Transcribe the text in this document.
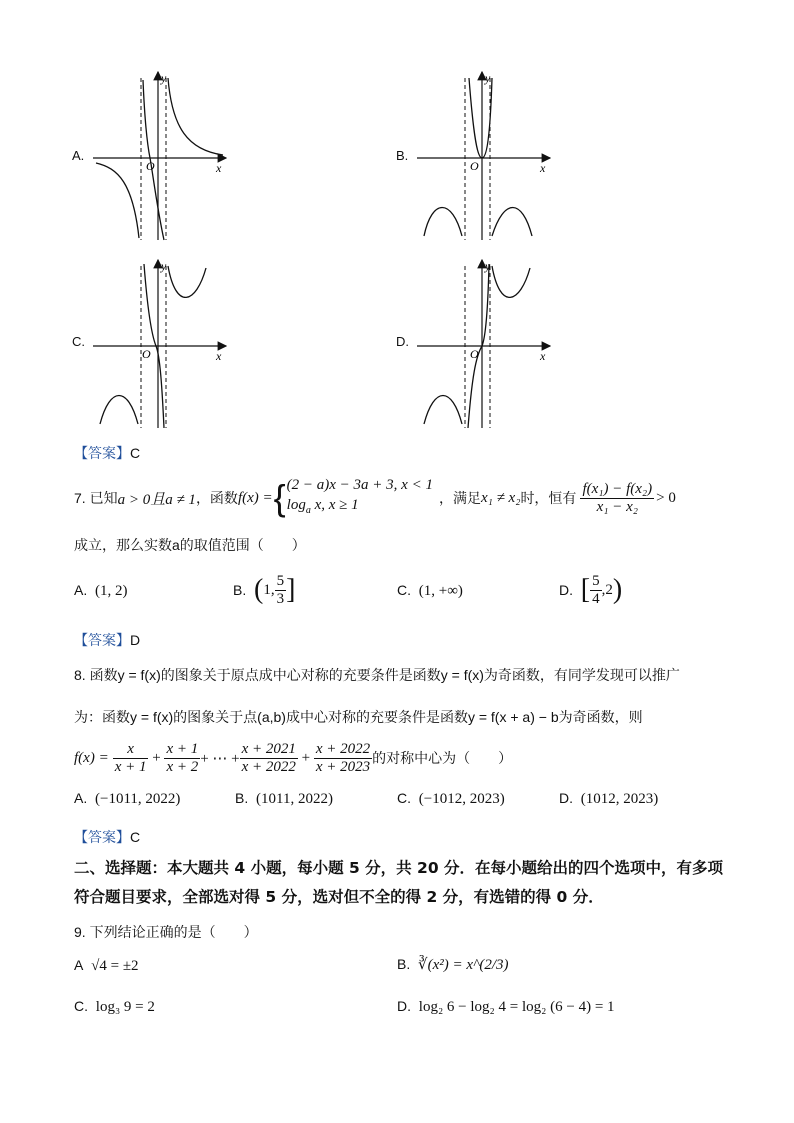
A.
y
x
O
B.
y
x
O
C.
y
x
O
D.
y
x
O
【答案】C
7.
已知 a > 0且a ≠ 1 ，函数 f(x) = { (2 − a)x − 3a + 3, x < 1
$\log_a x$, x ≥ 1	，满足 x₁ ≠ x₂ 时，恒有 $\frac{\text{f(x₁) − f(x₂)}}{\text{x₁ − x₂}} > 0$
成立，那么实数a的取值范围（　　）
A. (1, 2)	B.
( 1, $\frac{5}{3}$ ]	C. (1, +∞)	D.
[ $\frac{5}{4} ,2$ )
【答案】D
8. 函数y = f(x)的图象关于原点成中心对称的充要条件是函数y = f(x)为奇函数，有同学发现可以推广
为：函数y = f(x)的图象关于点(a,b)成中心对称的充要条件是函数y = f(x + a) − b为奇函数，则
f(x) =
$\frac{x}{x + 1} + \frac{x + 1}{x + 2}$ + ⋯ + $\frac{x + 2021}{x + 2022} + \frac{x + 2022}{x + 2023}$ 的对称中心为（　　）
A. (−1011, 2022)	B. (1011, 2022)	C. (−1012, 2023)	D. (1012, 2023)
【答案】C
二、选择题：本大题共 4 小题，每小题 5 分，共 20 分．在每小题给出的四个选项中，有多项
符合题目要求，全部选对得 5 分，选对但不全的得 2 分，有选错的得 0 分．
9. 下列结论正确的是（　　）
A √4 = ±2	B. ∛(x²) = x^(2/3)
C. log₃ 9 = 2	D. log₂ 6 − log₂ 4 = log₂ (6 − 4) = 1
